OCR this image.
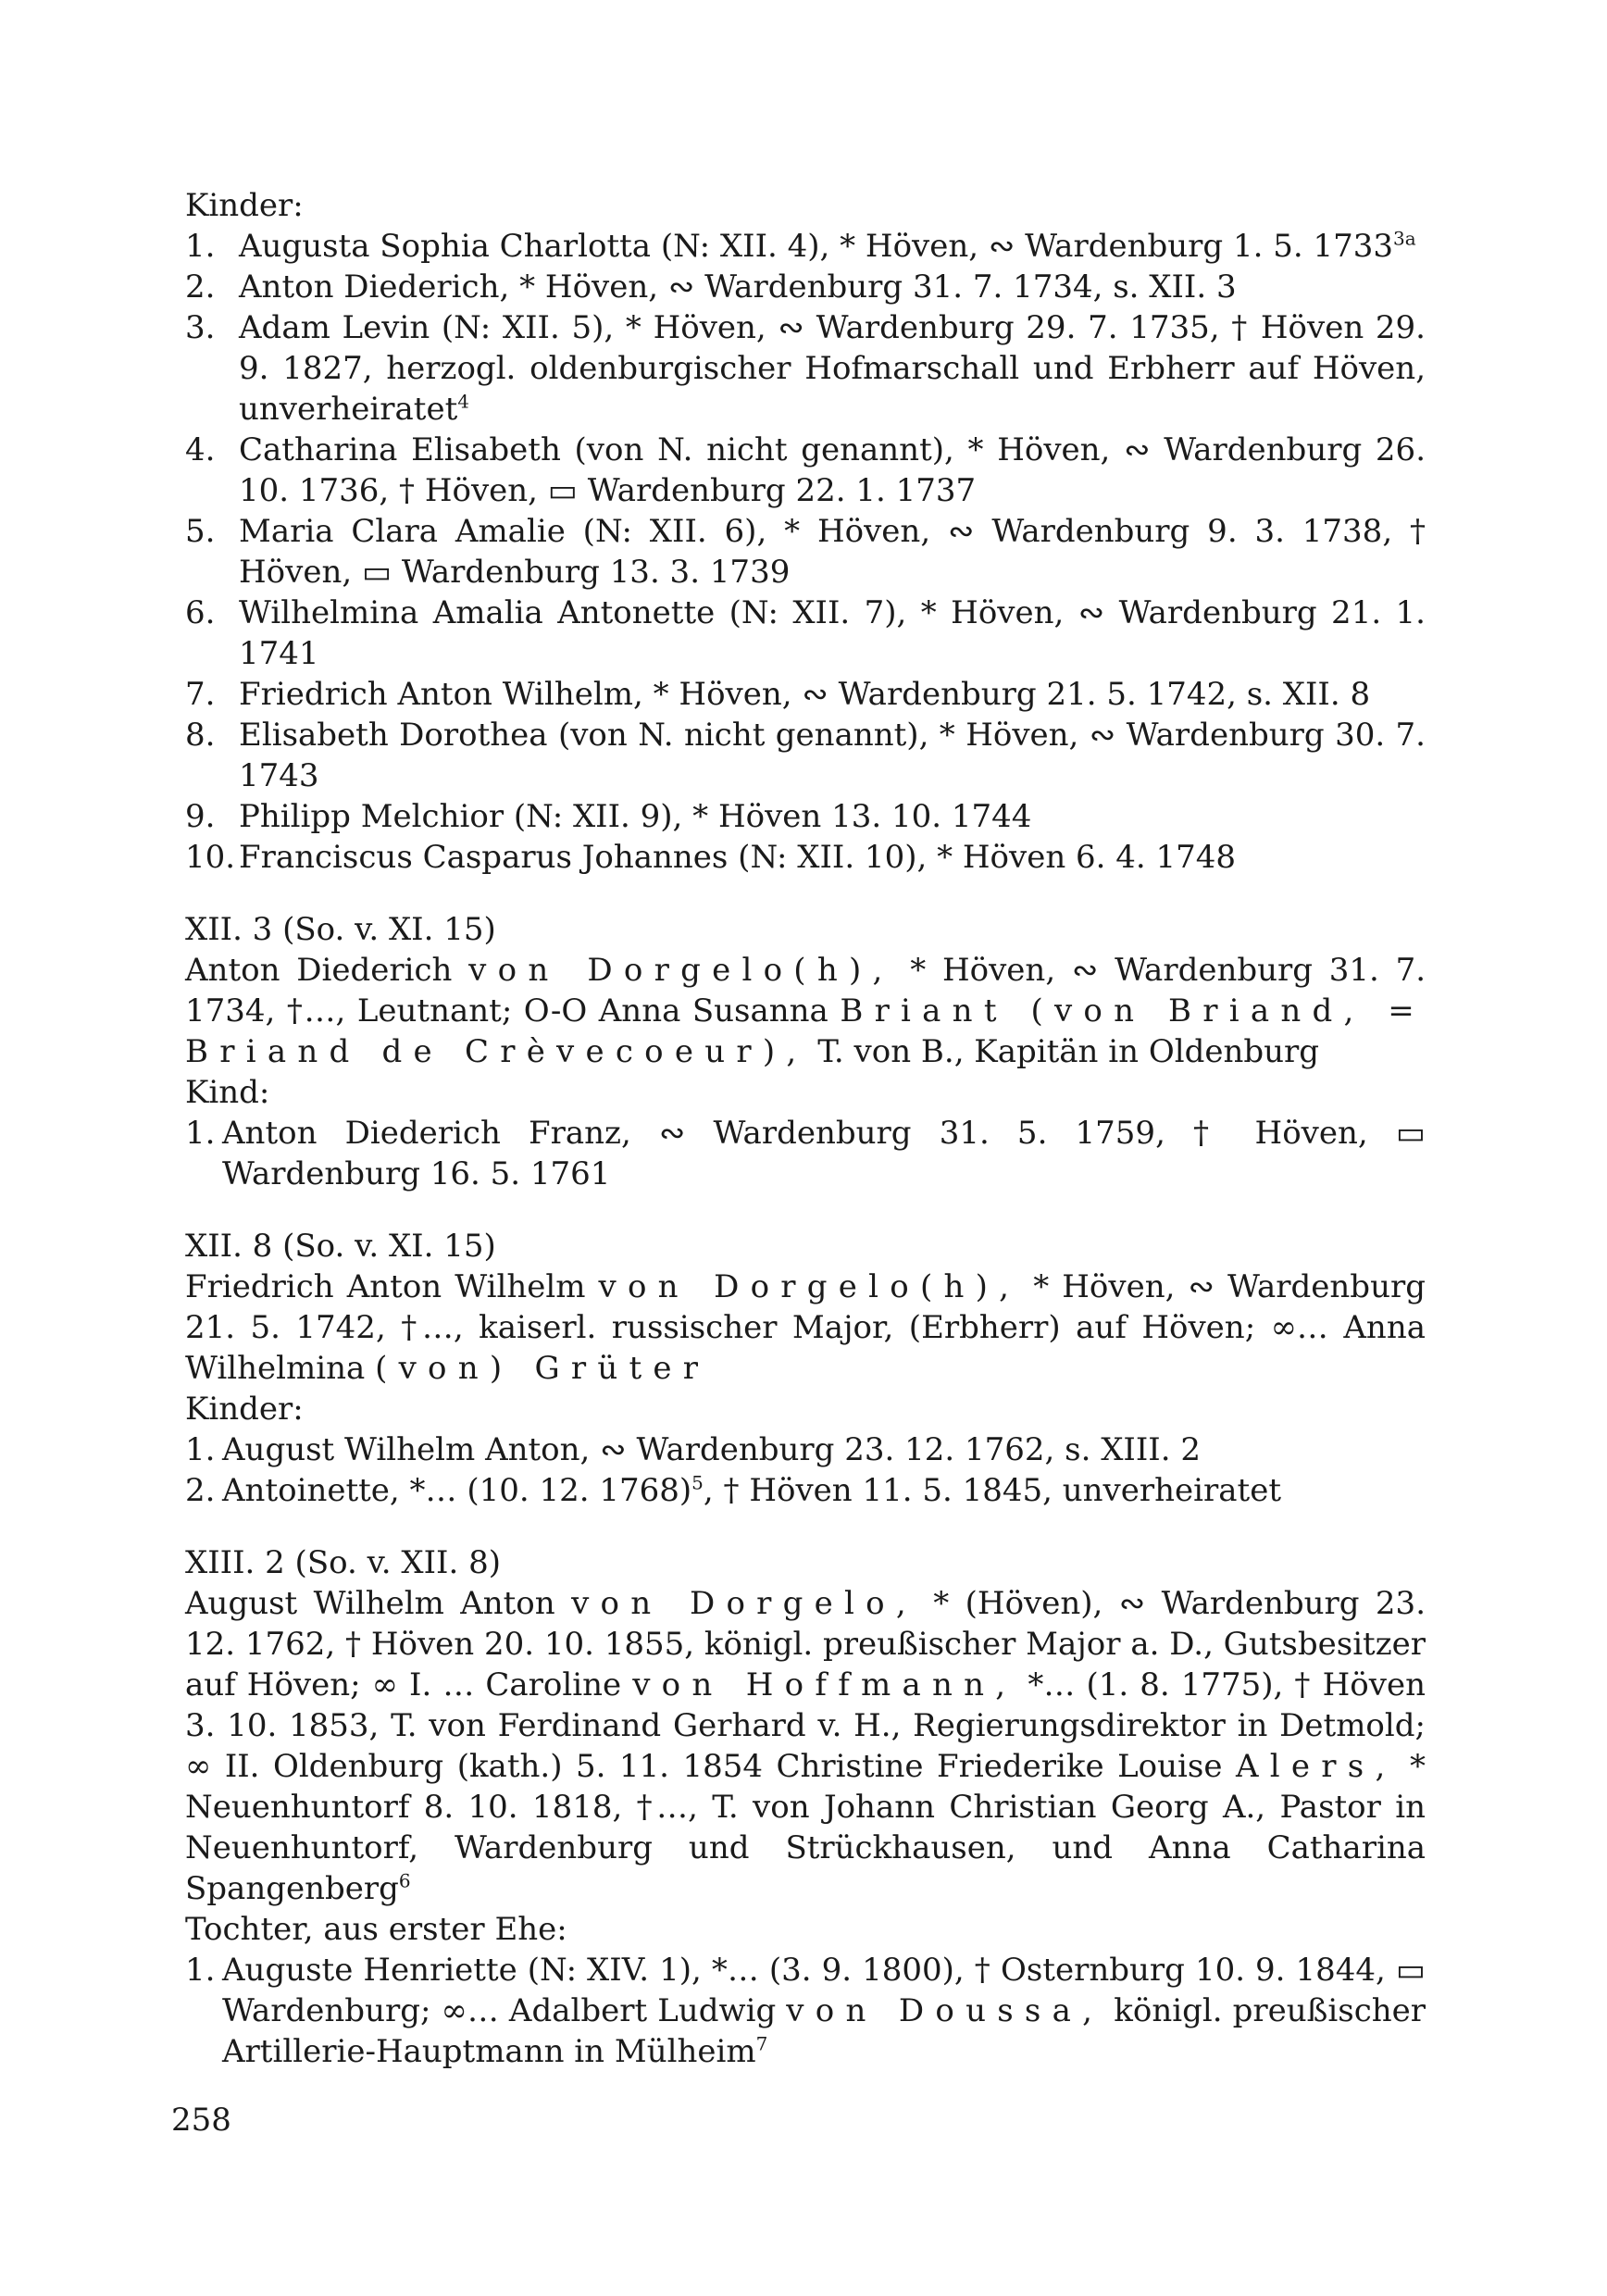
Kinder:

1. Augusta Sophia Charlotta (N: XII. 4), * Höven, ∾ Wardenburg 1. 5. $1733^{3a}$
2. Anton Diederich, * Höven, ∾ Wardenburg 31. 7. 1734, s. XII. 3
3. Adam Levin (N: XII. 5), * Höven, ∾ Wardenburg 29. 7. 1735, † Höven 29. 9. 1827, herzogl. oldenburgischer Hofmarschall und Erbherr auf Höven, unverheiratet$^4$
4. Catharina Elisabeth (von N. nicht genannt), * Höven, ∾ Wardenburg 26. 10. 1736, † Höven, ▭ Wardenburg 22. 1. 1737
5. Maria Clara Amalie (N: XII. 6), * Höven, ∾ Wardenburg 9. 3. 1738, † Höven, ▭ Wardenburg 13. 3. 1739
6. Wilhelmina Amalia Antonette (N: XII. 7), * Höven, ∾ Wardenburg 21. 1. 1741
7. Friedrich Anton Wilhelm, * Höven, ∾ Wardenburg 21. 5. 1742, s. XII. 8
8. Elisabeth Dorothea (von N. nicht genannt), * Höven, ∾ Wardenburg 30. 7. 1743
9. Philipp Melchior (N: XII. 9), * Höven 13. 10. 1744
10. Franciscus Casparus Johannes (N: XII. 10), * Höven 6. 4. 1748

XII. 3 (So. v. XI. 15)

Anton Diederich von Dorgelo(h), * Höven, ∾ Wardenburg 31. 7. 1734, †…, Leutnant; O-O Anna Susanna Briant (von Briand, = Briand de Crèvecoeur), T. von B., Kapitän in Oldenburg

Kind:

1. Anton Diederich Franz, ∾ Wardenburg 31. 5. 1759, † Höven, ▭ Wardenburg 16. 5. 1761

XII. 8 (So. v. XI. 15)

Friedrich Anton Wilhelm von Dorgelo(h), * Höven, ∾ Wardenburg 21. 5. 1742, †…, kaiserl. russischer Major, (Erbherr) auf Höven; ∞… Anna Wilhelmina (von) Grüter

Kinder:

1. August Wilhelm Anton, ∾ Wardenburg 23. 12. 1762, s. XIII. 2
2. Antoinette, *… (10. 12. 1768)$^5$, † Höven 11. 5. 1845, unverheiratet

XIII. 2 (So. v. XII. 8)

August Wilhelm Anton von Dorgelo, * (Höven), ∾ Wardenburg 23. 12. 1762, † Höven 20. 10. 1855, königl. preußischer Major a. D., Gutsbesitzer auf Höven; ∞ I. … Caroline von Hoffmann, *… (1. 8. 1775), † Höven 3. 10. 1853, T. von Ferdinand Gerhard v. H., Regierungsdirektor in Detmold; ∞ II. Oldenburg (kath.) 5. 11. 1854 Christine Friederike Louise Alers, * Neuenhuntorf 8. 10. 1818, †…, T. von Johann Christian Georg A., Pastor in Neuenhuntorf, Wardenburg und Strückhausen, und Anna Catharina Spangenberg$^6$

Tochter, aus erster Ehe:

1. Auguste Henriette (N: XIV. 1), *… (3. 9. 1800), † Osternburg 10. 9. 1844, ▭ Wardenburg; ∞… Adalbert Ludwig von Doussa, königl. preußischer Artillerie-Hauptmann in Mülheim$^7$
258
